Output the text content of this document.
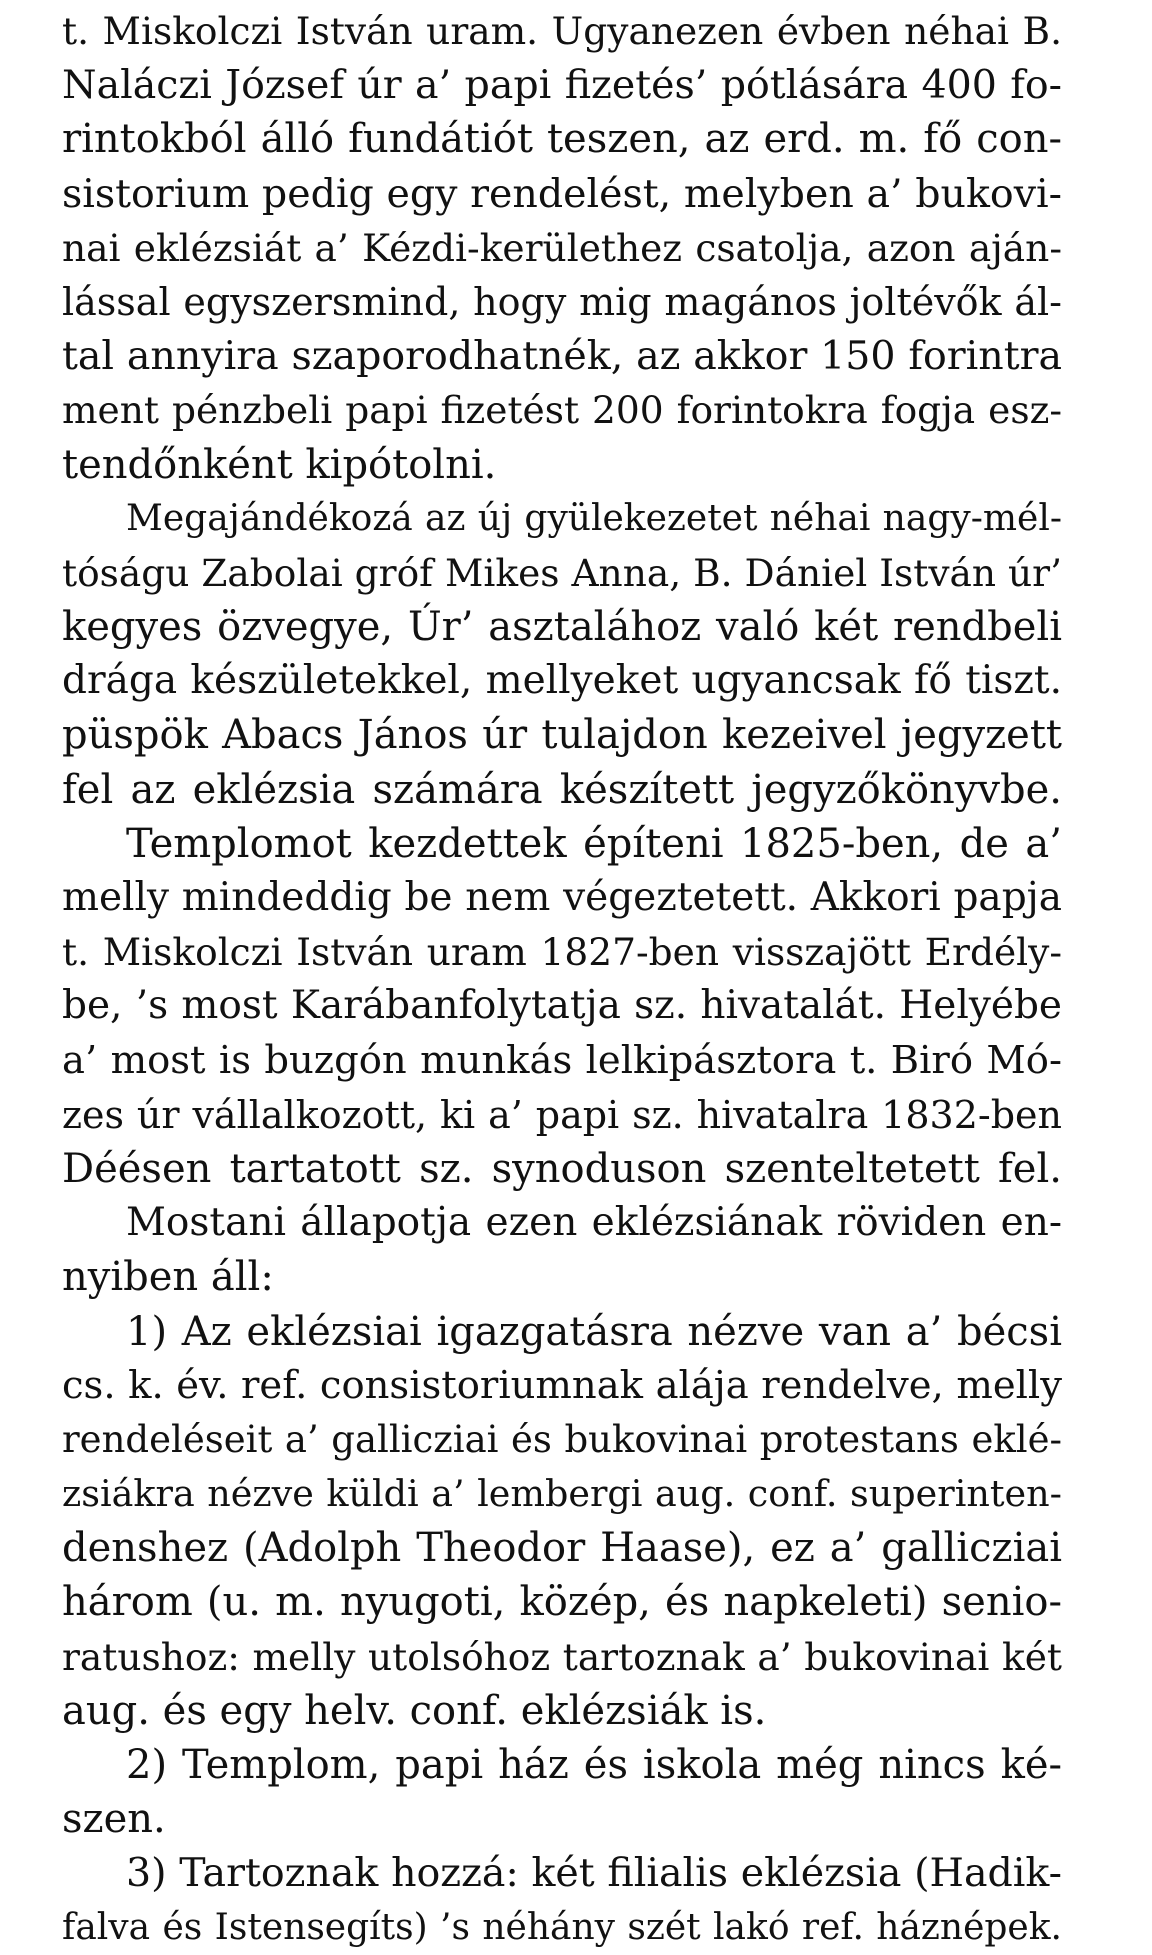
t. Miskolczi István uram. Ugyanezen évben néhai B.
Naláczi József úr a’ papi fizetés’ pótlására 400 fo-
rintokból álló fundátiót teszen, az erd. m. fő con-
sistorium pedig egy rendelést, melyben a’ bukovi-
nai eklézsiát a’ Kézdi-kerülethez csatolja, azon aján-
lással egyszersmind, hogy mig magános joltévők ál-
tal annyira szaporodhatnék, az akkor 150 forintra
ment pénzbeli papi fizetést 200 forintokra fogja esz-
tendőnként kipótolni.

Megajándékozá az új gyülekezetet néhai nagy-mél-
tóságu Zabolai gróf Mikes Anna, B. Dániel István úr’
kegyes özvegye, Úr’ asztalához való két rendbeli
drága készületekkel, mellyeket ugyancsak fő tiszt.
püspök Abacs János úr tulajdon kezeivel jegyzett
fel az eklézsia számára készített jegyzőkönyvbe.

Templomot kezdettek építeni 1825-ben, de a’
melly mindeddig be nem végeztetett. Akkori papja
t. Miskolczi István uram 1827-ben visszajött Erdély-
be, ’s most Karábanfolytatja sz. hivatalát. Helyébe
a’ most is buzgón munkás lelkipásztora t. Biró Mó-
zes úr vállalkozott, ki a’ papi sz. hivatalra 1832-ben
Déésen tartatott sz. synoduson szenteltetett fel.

Mostani állapotja ezen eklézsiának röviden en-
nyiben áll:

1) Az eklézsiai igazgatásra nézve van a’ bécsi
cs. k. év. ref. consistoriumnak alája rendelve, melly
rendeléseit a’ gallicziai és bukovinai protestans eklé-
zsiákra nézve küldi a’ lembergi aug. conf. superinten-
denshez (Adolph Theodor Haase), ez a’ gallicziai
három (u. m. nyugoti, közép, és napkeleti) senio-
ratushoz: melly utolsóhoz tartoznak a’ bukovinai két
aug. és egy helv. conf. eklézsiák is.

2) Templom, papi ház és iskola még nincs ké-
szen.

3) Tartoznak hozzá: két filialis eklézsia (Hadik-
falva és Istensegíts) ’s néhány szét lakó ref. háznépek.
